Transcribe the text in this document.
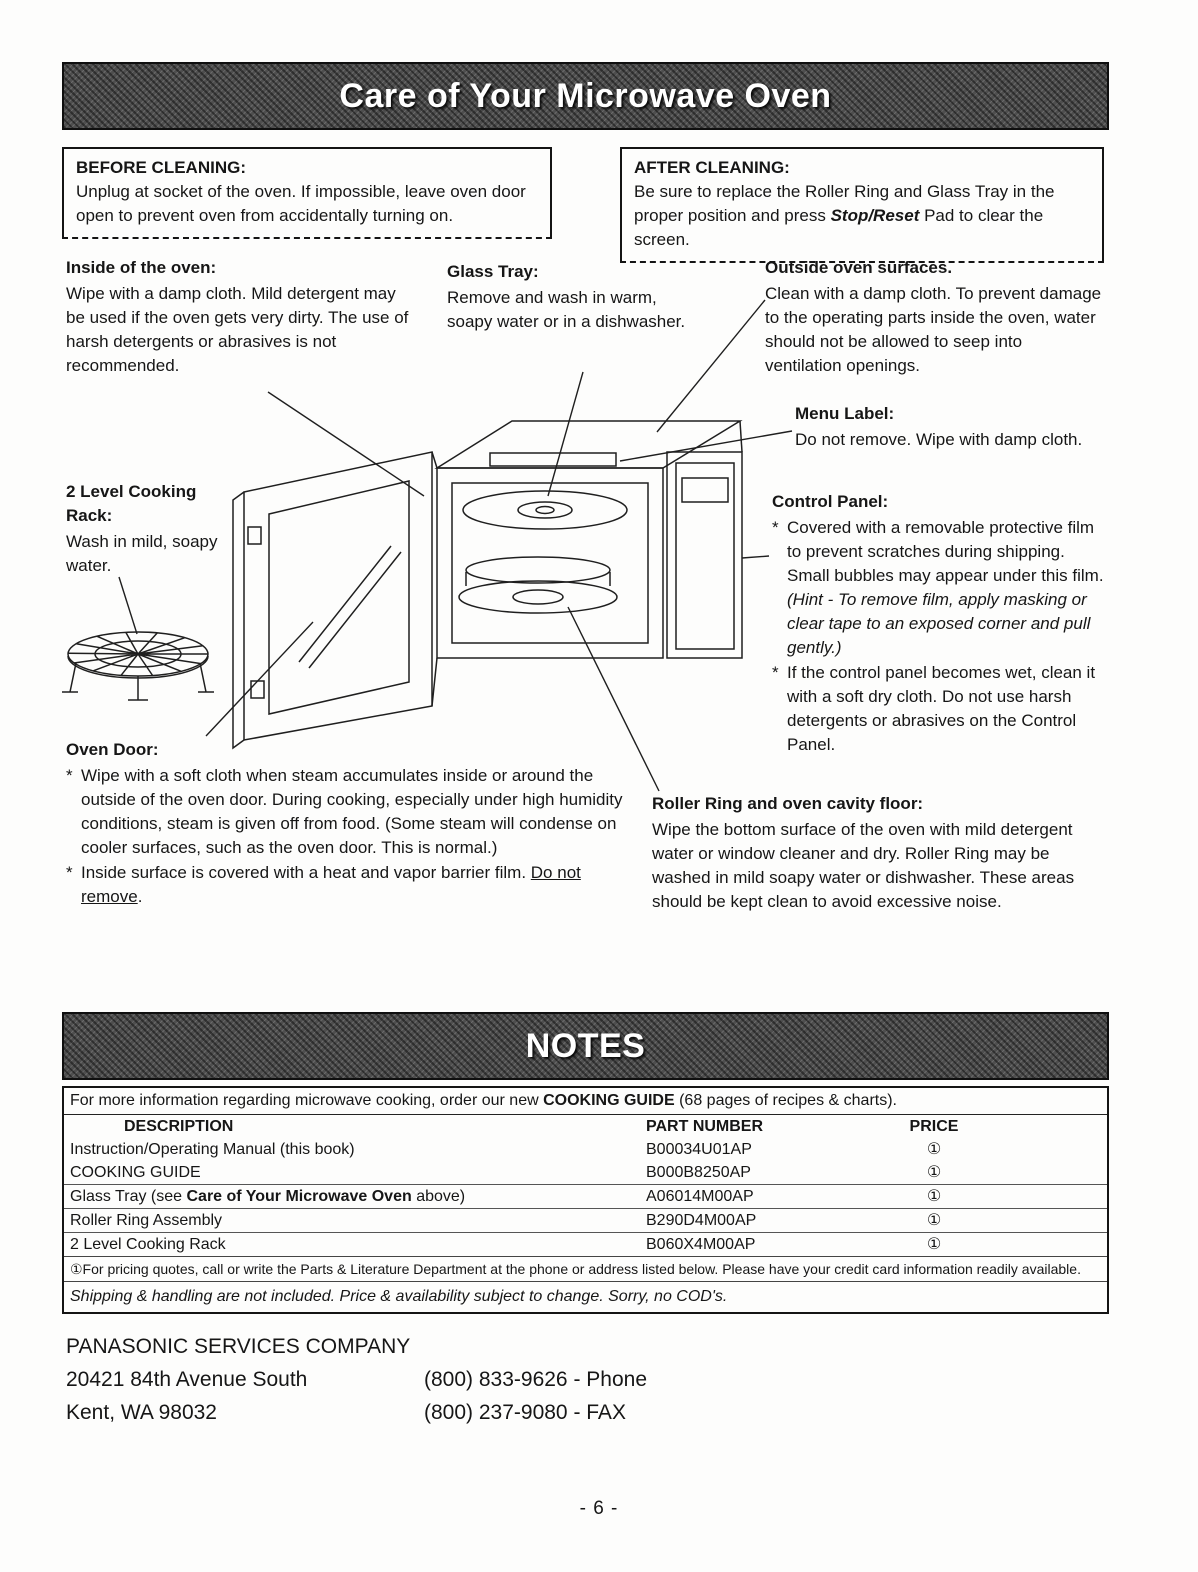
Care of Your Microwave Oven
BEFORE CLEANING:
Unplug at socket of the oven. If impossible, leave oven door open to prevent oven from accidentally turning on.
AFTER CLEANING:
Be sure to replace the Roller Ring and Glass Tray in the proper position and press Stop/Reset Pad to clear the screen.
Inside of the oven:
Wipe with a damp cloth. Mild detergent may be used if the oven gets very dirty. The use of harsh detergents or abrasives is not recommended.
Glass Tray:
Remove and wash in warm, soapy water or in a dishwasher.
Outside oven surfaces.
Clean with a damp cloth. To prevent damage to the operating parts inside the oven, water should not be allowed to seep into ventilation openings.
Menu Label:
Do not remove. Wipe with damp cloth.
2 Level Cooking Rack:
Wash in mild, soapy water.
Control Panel:
* Covered with a removable protective film to prevent scratches during shipping. Small bubbles may appear under this film. (Hint - To remove film, apply masking or clear tape to an exposed corner and pull gently.)
* If the control panel becomes wet, clean it with a soft dry cloth. Do not use harsh detergents or abrasives on the Control Panel.
Oven Door:
* Wipe with a soft cloth when steam accumulates inside or around the outside of the oven door. During cooking, especially under high humidity conditions, steam is given off from food. (Some steam will condense on cooler surfaces, such as the oven door. This is normal.)
* Inside surface is covered with a heat and vapor barrier film. Do not remove.
Roller Ring and oven cavity floor:
Wipe the bottom surface of the oven with mild detergent water or window cleaner and dry. Roller Ring may be washed in mild soapy water or dishwasher. These areas should be kept clean to avoid excessive noise.
NOTES
For more information regarding microwave cooking, order our new COOKING GUIDE (68 pages of recipes & charts).
DESCRIPTION	PART NUMBER	PRICE
Instruction/Operating Manual (this book)	B00034U01AP	①
COOKING GUIDE	B000B8250AP	①
Glass Tray (see Care of Your Microwave Oven above)	A06014M00AP	①
Roller Ring Assembly	B290D4M00AP	①
2 Level Cooking Rack	B060X4M00AP	①
①For pricing quotes, call or write the Parts & Literature Department at the phone or address listed below. Please have your credit card information readily available.
Shipping & handling are not included. Price & availability subject to change. Sorry, no COD's.
PANASONIC SERVICES COMPANY
20421 84th Avenue South	(800) 833-9626 - Phone
Kent, WA 98032	(800) 237-9080 - FAX
- 6 -
